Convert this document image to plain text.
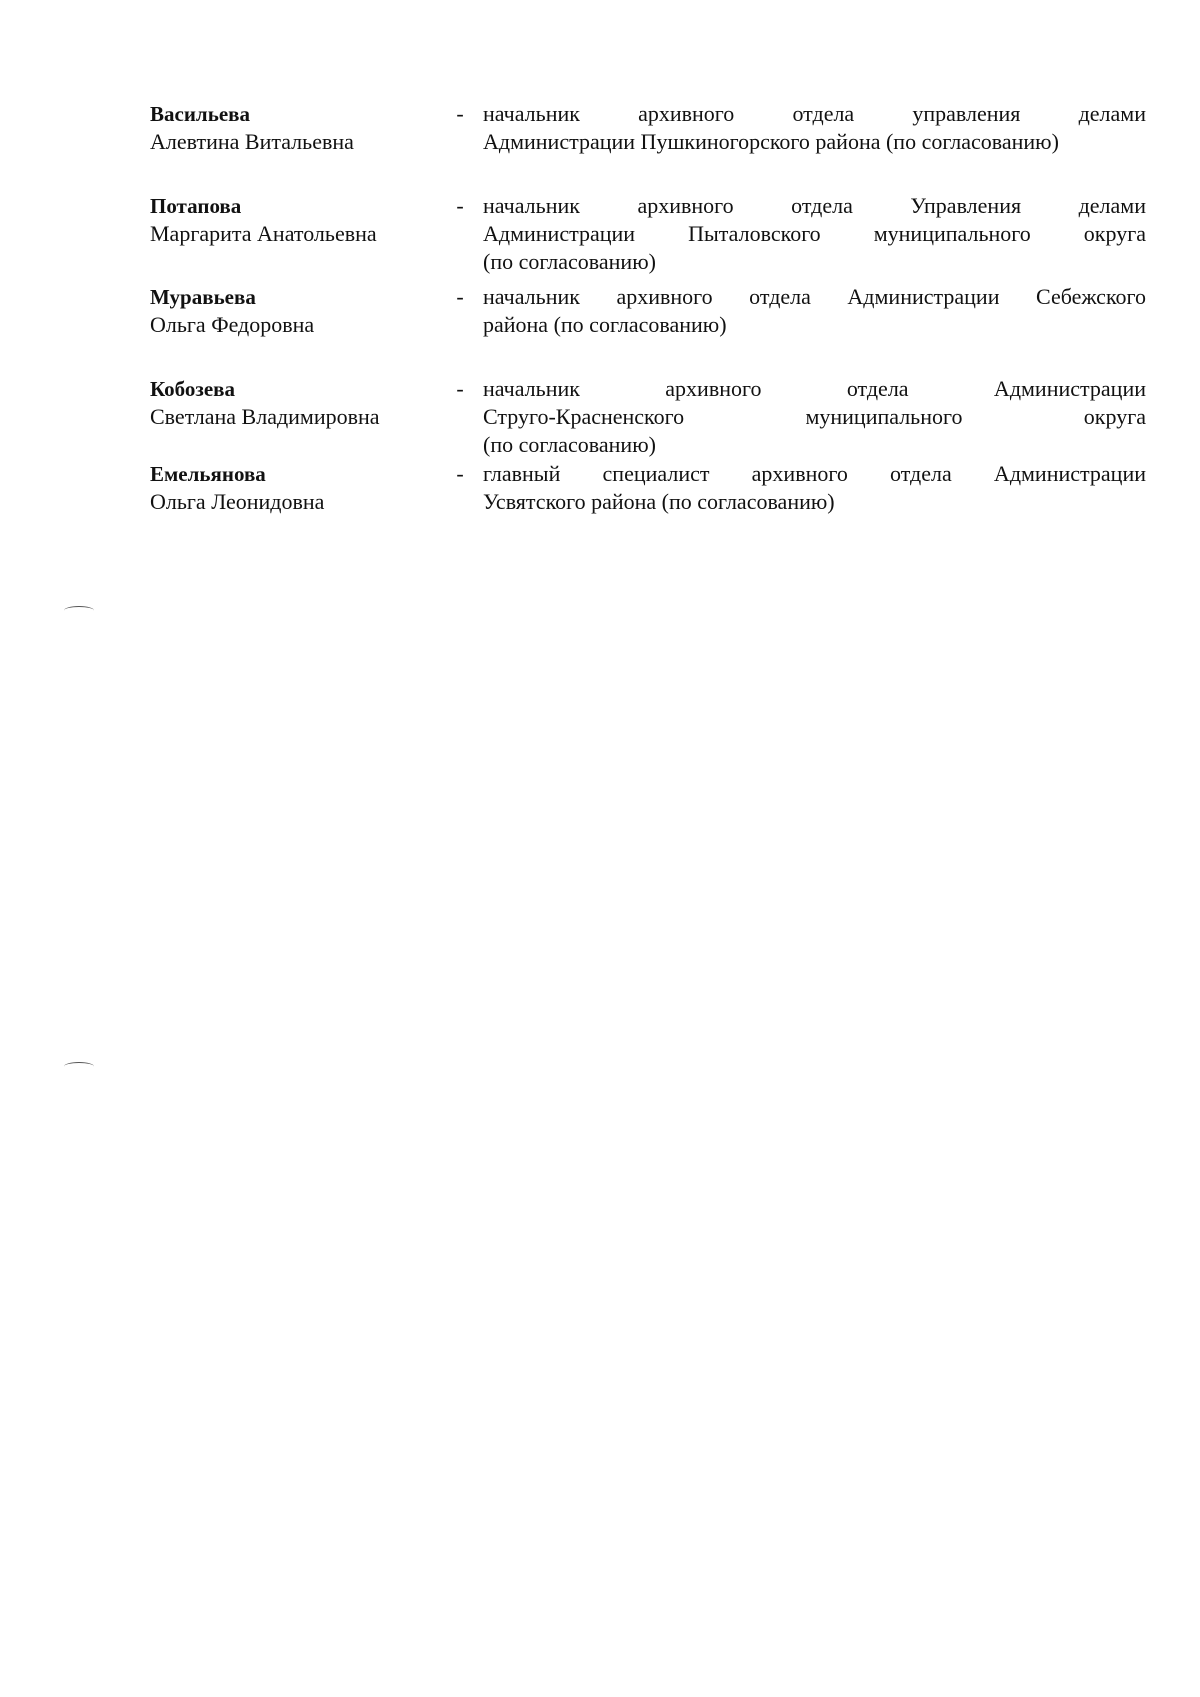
Васильева
Алевтина Витальевна
- начальник архивного отдела управления делами
Администрации Пушкиногорского района (по согласованию)
Потапова
Маргарита Анатольевна
- начальник архивного отдела Управления делами
Администрации Пыталовского муниципального округа
(по согласованию)
Муравьева
Ольга Федоровна
- начальник архивного отдела Администрации Себежского
района (по согласованию)
Кобозева
Светлана Владимировна
- начальник архивного отдела Администрации
Струго-Красненского муниципального округа
(по согласованию)
Емельянова
Ольга Леонидовна
- главный специалист архивного отдела Администрации
Усвятского района (по согласованию)
